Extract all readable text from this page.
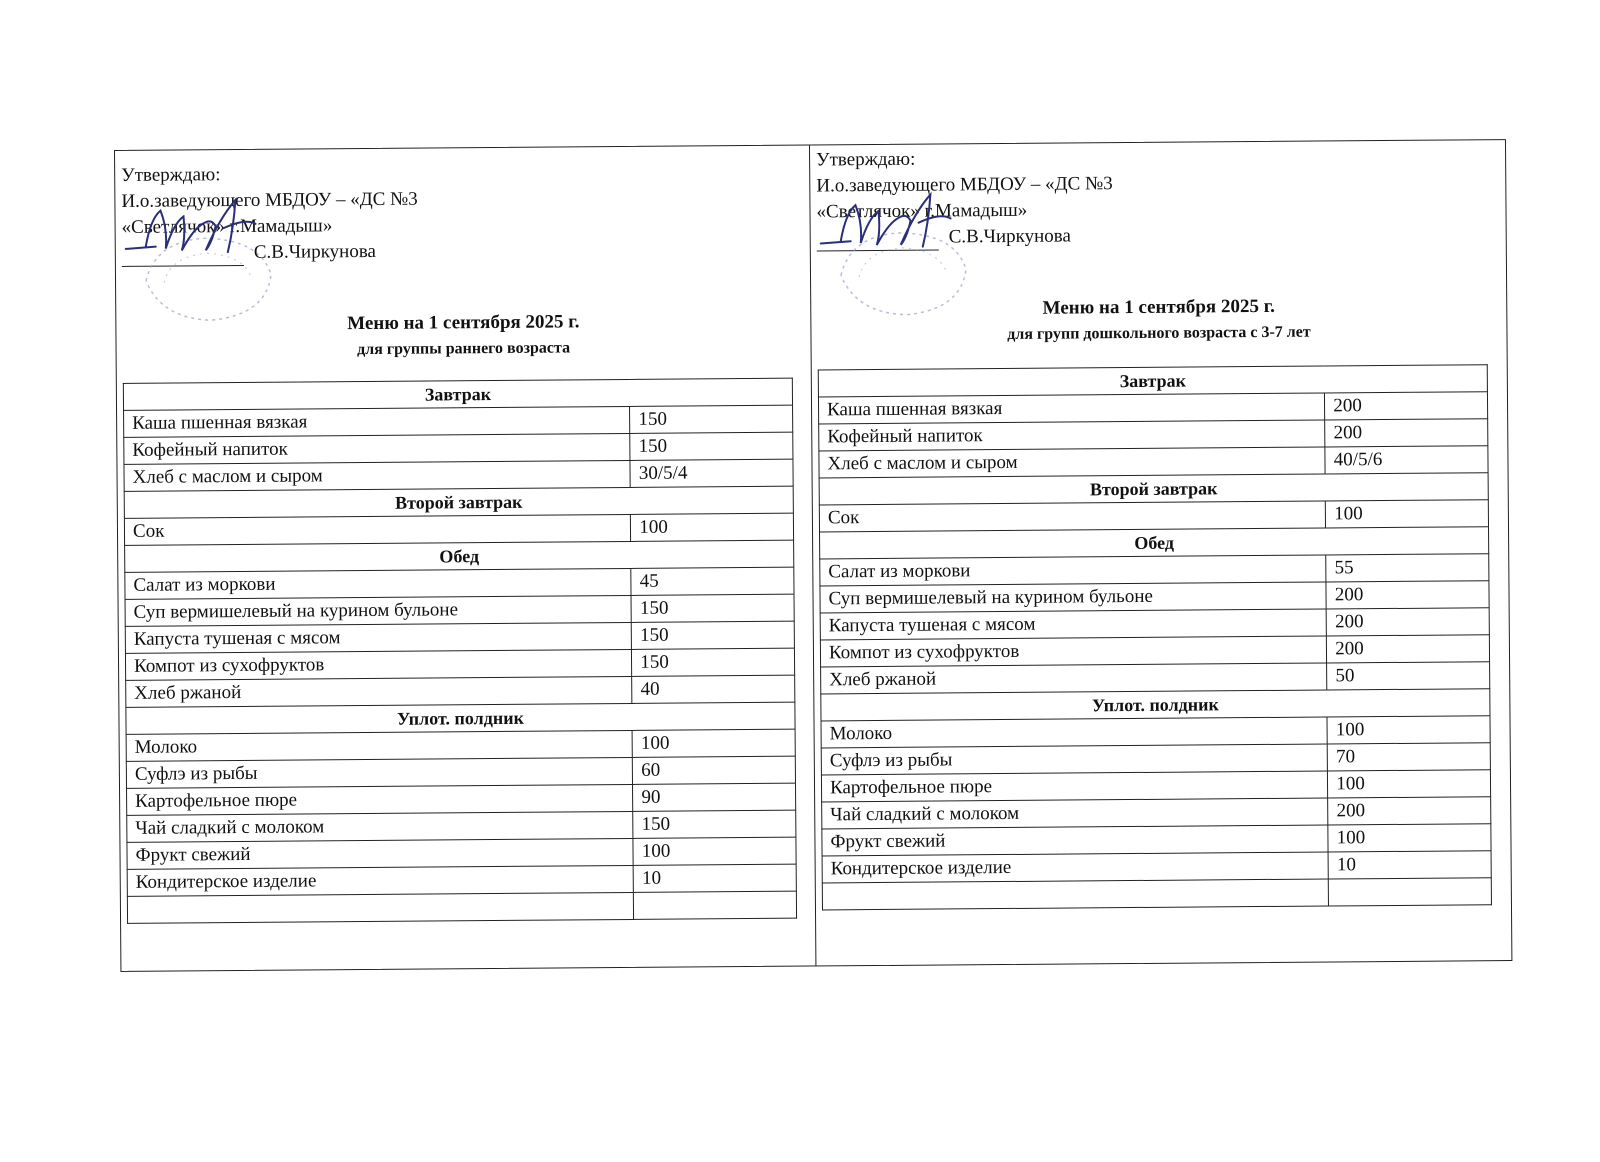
Утверждаю:
И.о.заведующего МБДОУ – «ДС №3
«Светлячок» г.Мамадыш»
С.В.Чиркунова
Меню на 1 сентября 2025 г.
для группы раннего возраста
Завтрак	
Каша пшенная вязкая	150
Кофейный напиток	150
Хлеб с маслом и сыром	30/5/4
Второй завтрак	
Сок	100
Обед	
Салат из моркови	45
Суп вермишелевый на курином бульоне	150
Капуста тушеная с мясом	150
Компот из сухофруктов	150
Хлеб ржаной	40
Уплот. полдник	
Молоко	100
Суфлэ из рыбы	60
Картофельное пюре	90
Чай сладкий с молоком	150
Фрукт свежий	100
Кондитерское изделие	10

Утверждаю:
И.о.заведующего МБДОУ – «ДС №3
«Светлячок» г.Мамадыш»
С.В.Чиркунова
Меню на 1 сентября 2025 г.
для групп дошкольного возраста с 3-7 лет
Завтрак	
Каша пшенная вязкая	200
Кофейный напиток	200
Хлеб с маслом и сыром	40/5/6
Второй завтрак	
Сок	100
Обед	
Салат из моркови	55
Суп вермишелевый на курином бульоне	200
Капуста тушеная с мясом	200
Компот из сухофруктов	200
Хлеб ржаной	50
Уплот. полдник	
Молоко	100
Суфлэ из рыбы	70
Картофельное пюре	100
Чай сладкий с молоком	200
Фрукт свежий	100
Кондитерское изделие	10
